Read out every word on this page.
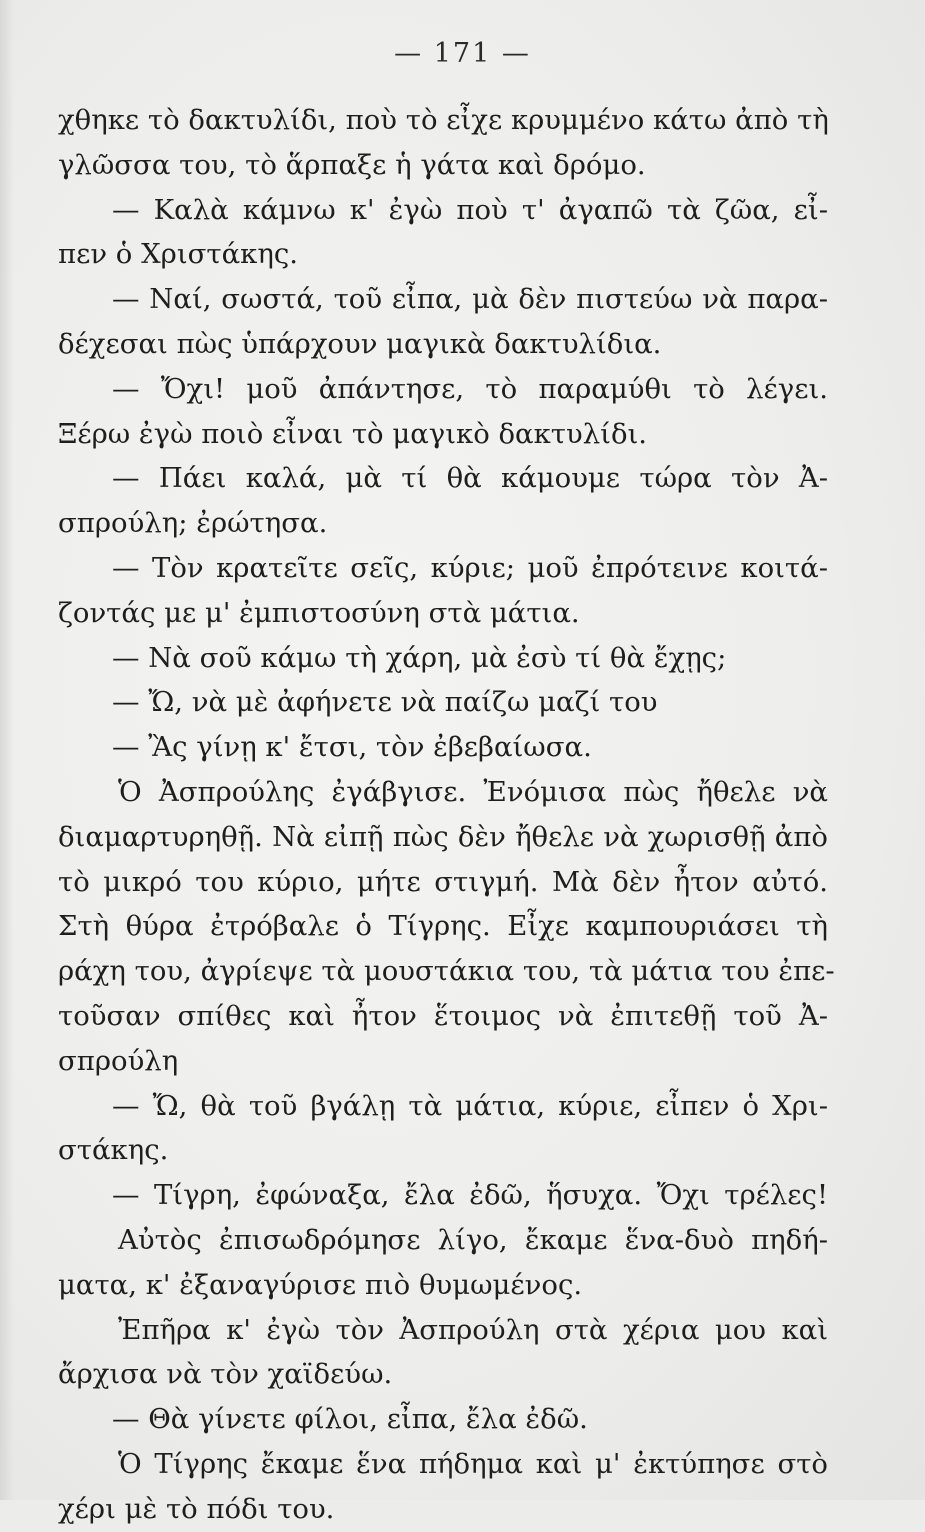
— 171 —
χθηκε τὸ δακτυλίδι, ποὺ τὸ εἶχε κρυμμένο κάτω ἀπὸ τὴ
γλῶσσα του, τὸ ἅρπαξε ἡ γάτα καὶ δρόμο.
— Καλὰ κάμνω κ' ἐγὼ ποὺ τ' ἀγαπῶ τὰ ζῶα, εἶ-
πεν ὁ Χριστάκης.
— Ναί, σωστά, τοῦ εἶπα, μὰ δὲν πιστεύω νὰ παρα-
δέχεσαι πὼς ὑπάρχουν μαγικὰ δακτυλίδια.
— Ὄχι! μοῦ ἀπάντησε, τὸ παραμύθι τὸ λέγει.
Ξέρω ἐγὼ ποιὸ εἶναι τὸ μαγικὸ δακτυλίδι.
— Πάει καλά, μὰ τί θὰ κάμουμε τώρα τὸν Ἀ-
σπρούλη; ἐρώτησα.
— Τὸν κρατεῖτε σεῖς, κύριε; μοῦ ἐπρότεινε κοιτά-
ζοντάς με μ' ἐμπιστοσύνη στὰ μάτια.
— Νὰ σοῦ κάμω τὴ χάρη, μὰ ἐσὺ τί θὰ ἔχῃς;
— Ὤ, νὰ μὲ ἀφήνετε νὰ παίζω μαζί του
— Ἂς γίνῃ κ' ἔτσι, τὸν ἐβεβαίωσα.
Ὁ Ἀσπρούλης ἐγάβγισε. Ἐνόμισα πὼς ἤθελε νὰ
διαμαρτυρηθῇ. Νὰ εἰπῇ πὼς δὲν ἤθελε νὰ χωρισθῇ ἀπὸ
τὸ μικρό του κύριο, μήτε στιγμή. Μὰ δὲν ἦτον αὐτό.
Στὴ θύρα ἐτρόβαλε ὁ Τίγρης. Εἶχε καμπουριάσει τὴ
ράχη του, ἀγρίεψε τὰ μουστάκια του, τὰ μάτια του ἐπε-
τοῦσαν σπίθες καὶ ἦτον ἕτοιμος νὰ ἐπιτεθῇ τοῦ Ἀ-
σπρούλη
— Ὤ, θὰ τοῦ βγάλῃ τὰ μάτια, κύριε, εἶπεν ὁ Χρι-
στάκης.
— Τίγρη, ἐφώναξα, ἔλα ἐδῶ, ἥσυχα. Ὄχι τρέλες!
Αὐτὸς ἐπισωδρόμησε λίγο, ἔκαμε ἕνα-δυὸ πηδή-
ματα, κ' ἐξαναγύρισε πιὸ θυμωμένος.
Ἐπῆρα κ' ἐγὼ τὸν Ἀσπρούλη στὰ χέρια μου καὶ
ἄρχισα νὰ τὸν χαϊδεύω.
— Θὰ γίνετε φίλοι, εἶπα, ἔλα ἐδῶ.
Ὁ Τίγρης ἔκαμε ἕνα πήδημα καὶ μ' ἐκτύπησε στὸ
χέρι μὲ τὸ πόδι του.
